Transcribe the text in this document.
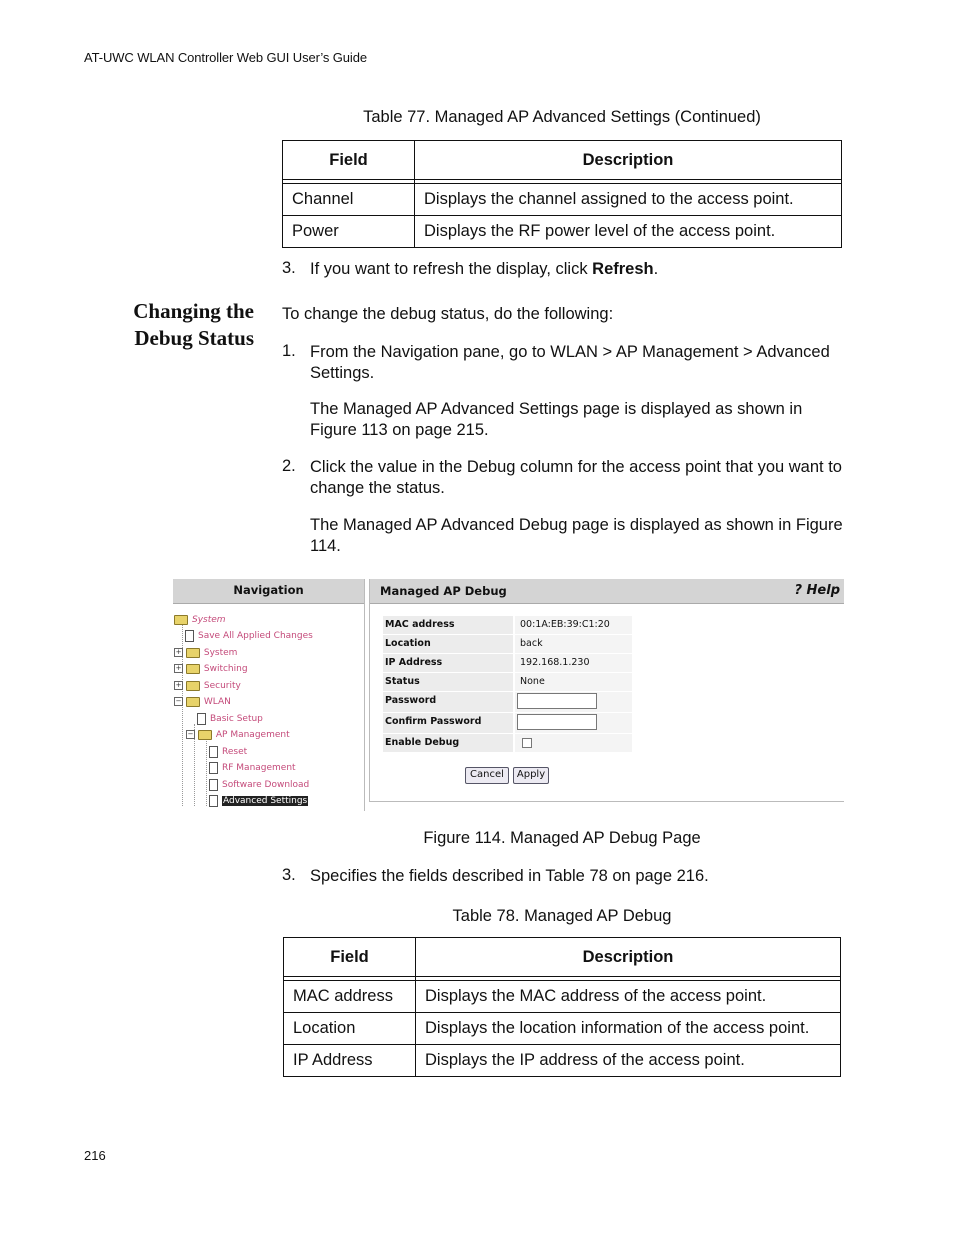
AT-UWC WLAN Controller Web GUI User’s Guide
Table 77. Managed AP Advanced Settings (Continued)
Field	Description

Channel	Displays the channel assigned to the access point.
Power	Displays the RF power level of the access point.
3. If you want to refresh the display, click Refresh.
Changing the
Debug Status
To change the debug status, do the following:
1. From the Navigation pane, go to WLAN > AP Management > Advanced Settings.
The Managed AP Advanced Settings page is displayed as shown in Figure 113 on page 215.
2. Click the value in the Debug column for the access point that you want to change the status.
The Managed AP Advanced Debug page is displayed as shown in Figure 114.
Navigation
System
Save All Applied Changes
+ System
+ Switching
+ Security
− WLAN
Basic Setup
− AP Management
Reset
RF Management
Software Download
Advanced Settings
Managed AP Debug	? Help
MAC address	00:1A:EB:39:C1:20
Location	back
IP Address	192.168.1.230
Status	None
Password
Confirm Password
Enable Debug
Cancel	Apply
Figure 114. Managed AP Debug Page
3. Specifies the fields described in Table 78 on page 216.
Table 78. Managed AP Debug
Field	Description

MAC address	Displays the MAC address of the access point.
Location	Displays the location information of the access point.
IP Address	Displays the IP address of the access point.
216
